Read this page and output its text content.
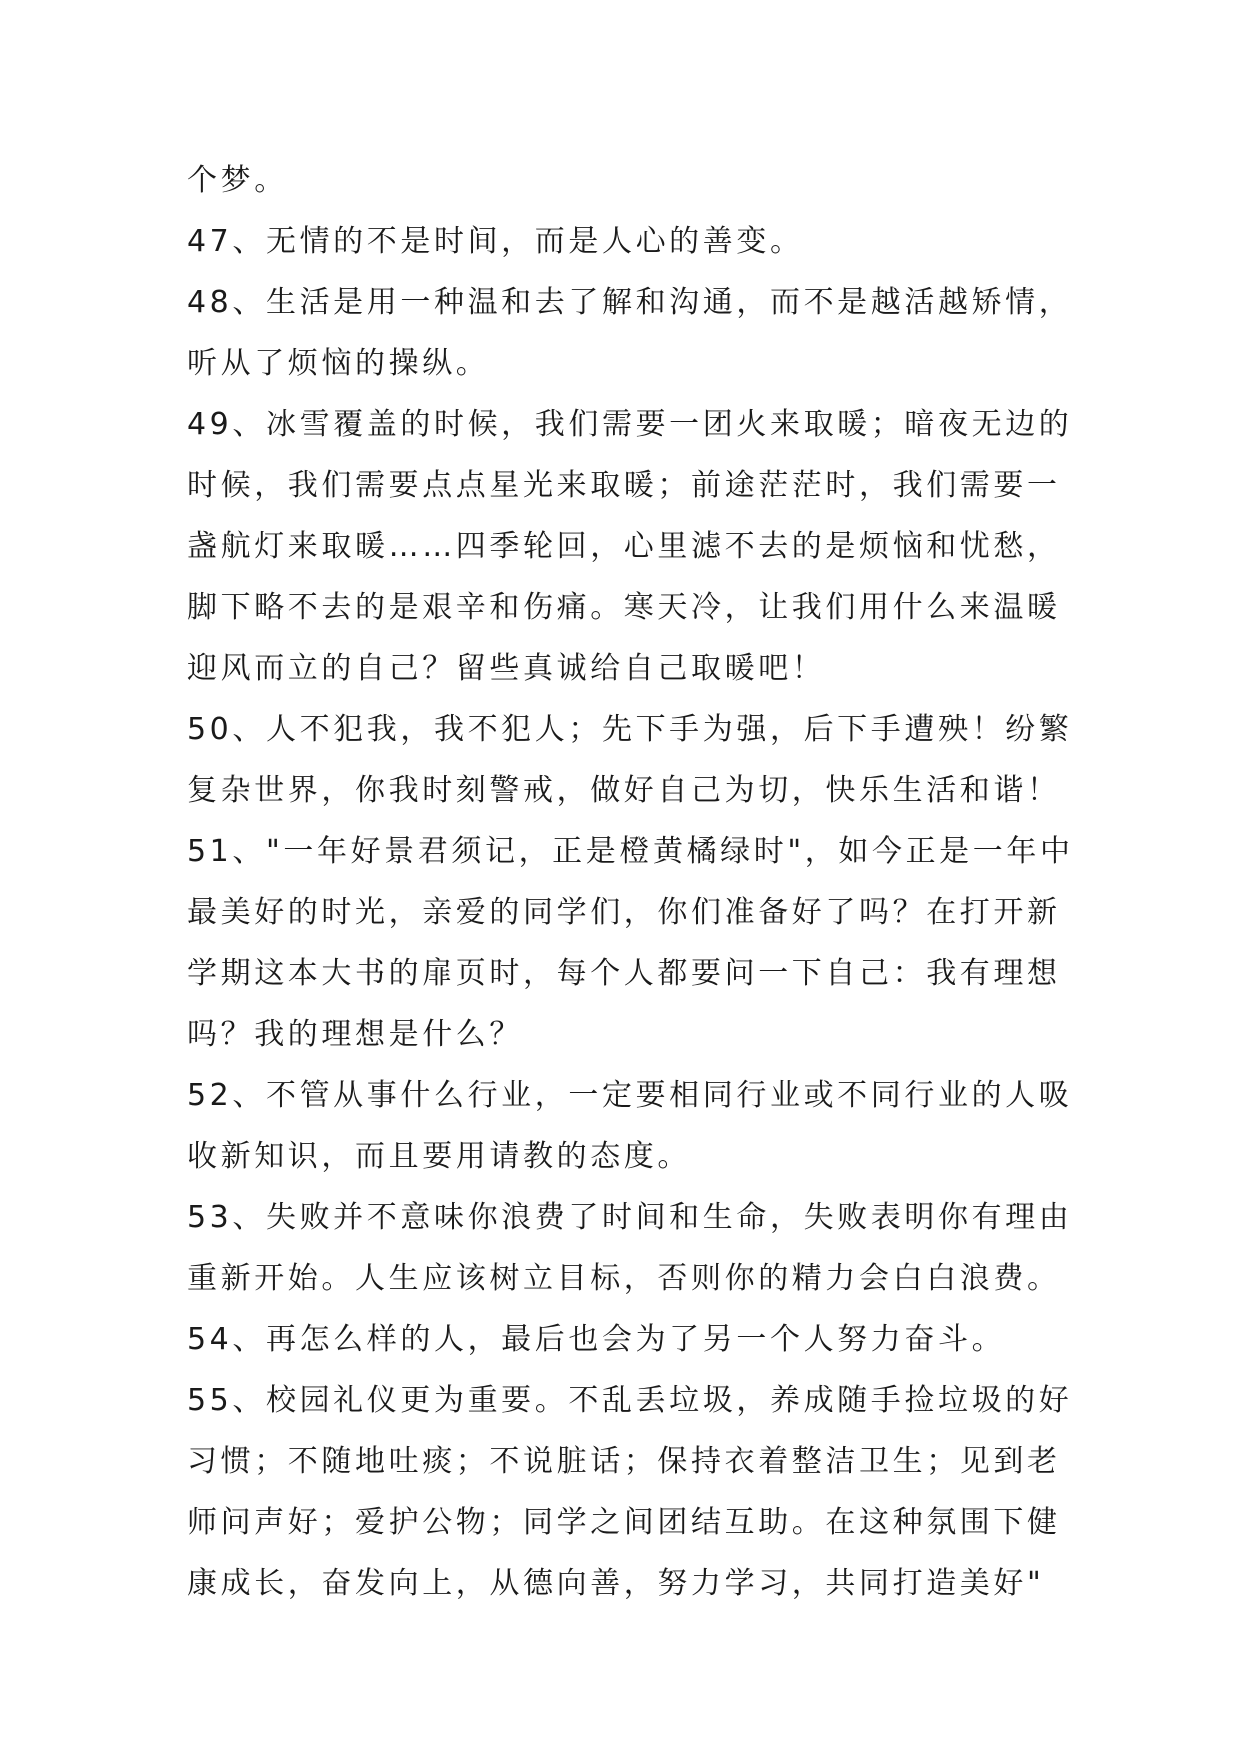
个梦。
47、无情的不是时间，而是人心的善变。
48、生活是用一种温和去了解和沟通，而不是越活越矫情，
听从了烦恼的操纵。
49、冰雪覆盖的时候，我们需要一团火来取暖；暗夜无边的
时候，我们需要点点星光来取暖；前途茫茫时，我们需要一
盏航灯来取暖……四季轮回，心里滤不去的是烦恼和忧愁，
脚下略不去的是艰辛和伤痛。寒天冷，让我们用什么来温暖
迎风而立的自己？留些真诚给自己取暖吧！
50、人不犯我，我不犯人；先下手为强，后下手遭殃！纷繁
复杂世界，你我时刻警戒，做好自己为切，快乐生活和谐！
51、"一年好景君须记，正是橙黄橘绿时"，如今正是一年中
最美好的时光，亲爱的同学们，你们准备好了吗？在打开新
学期这本大书的扉页时，每个人都要问一下自己：我有理想
吗？我的理想是什么？
52、不管从事什么行业，一定要相同行业或不同行业的人吸
收新知识，而且要用请教的态度。
53、失败并不意味你浪费了时间和生命，失败表明你有理由
重新开始。人生应该树立目标，否则你的精力会白白浪费。
54、再怎么样的人，最后也会为了另一个人努力奋斗。
55、校园礼仪更为重要。不乱丢垃圾，养成随手捡垃圾的好
习惯；不随地吐痰；不说脏话；保持衣着整洁卫生；见到老
师问声好；爱护公物；同学之间团结互助。在这种氛围下健
康成长，奋发向上，从德向善，努力学习，共同打造美好"
